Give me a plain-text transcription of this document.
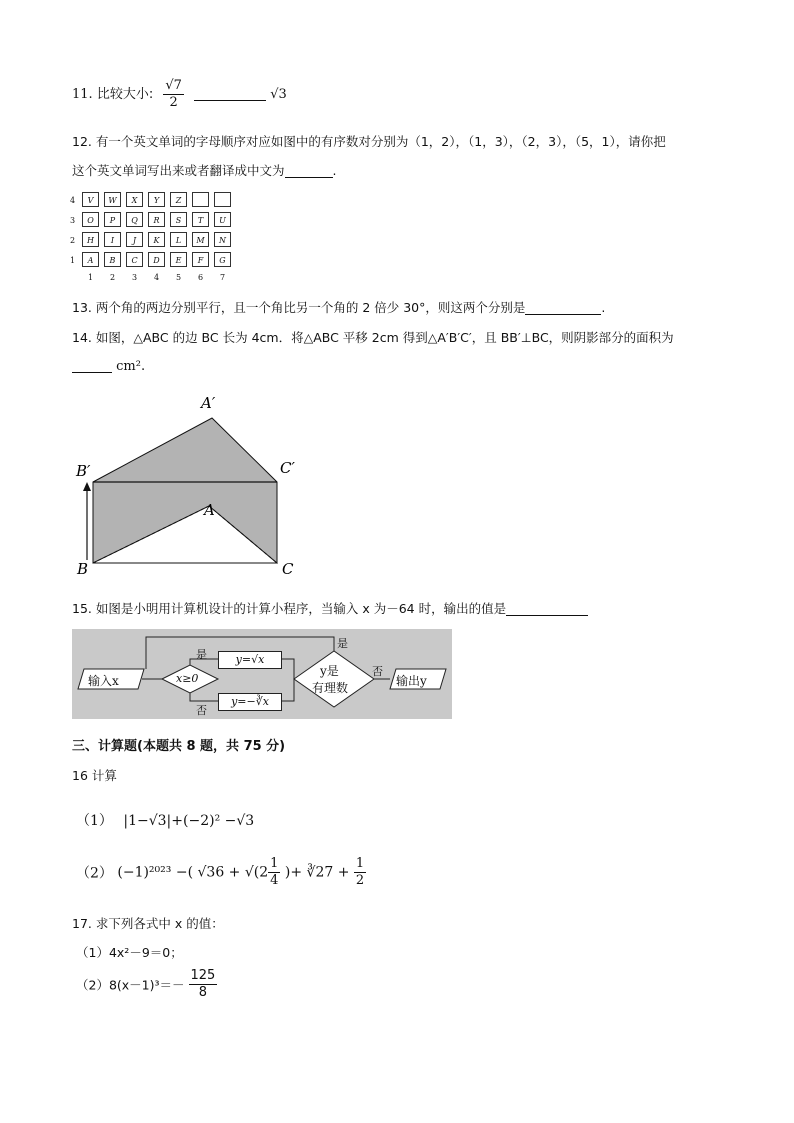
11. 比较大小: $\frac{√7}{2}$	√3
12. 有一个英文单词的字母顺序对应如图中的有序数对分别为（1，2），（1，3），（2，3），（5，1），请你把
这个英文单词写出来或者翻译成中文为	.
4	V	W	X	Y	Z
3	O	P	Q	R	S	T	U
2	H	I	J	K	L	M	N
1	A	B	C	D	E	F	G
1 2 3 4 5 6 7
13. 两个角的两边分别平行，且一个角比另一个角的 2 倍少 30°，则这两个分别是	.
14. 如图，△ABC 的边 BC 长为 4cm．将△ABC 平移 2cm 得到△A′B′C′，且 BB′⊥BC，则阴影部分的面积为
cm².
A′
B′	C′
A
B	C
15. 如图是小明用计算机设计的计算小程序，当输入 x 为－64 时，输出的值是
输入x	x≥0
是
否
y=√x
y=−∛x
y是
有理数
是
否
输出y
三、计算题(本题共 8 题，共 75 分)
16 计算
（1） |1−√3|+(−2)² −√3
（2） (−1)²⁰²³ −( $√36 + √(2 \frac{1}{4}$ )+ ∛27 + $\frac{1}{2}$
17. 求下列各式中 x 的值：
（1）4x²－9＝0；
$(2)8(x-1)^3=- \frac{125}{8}$
